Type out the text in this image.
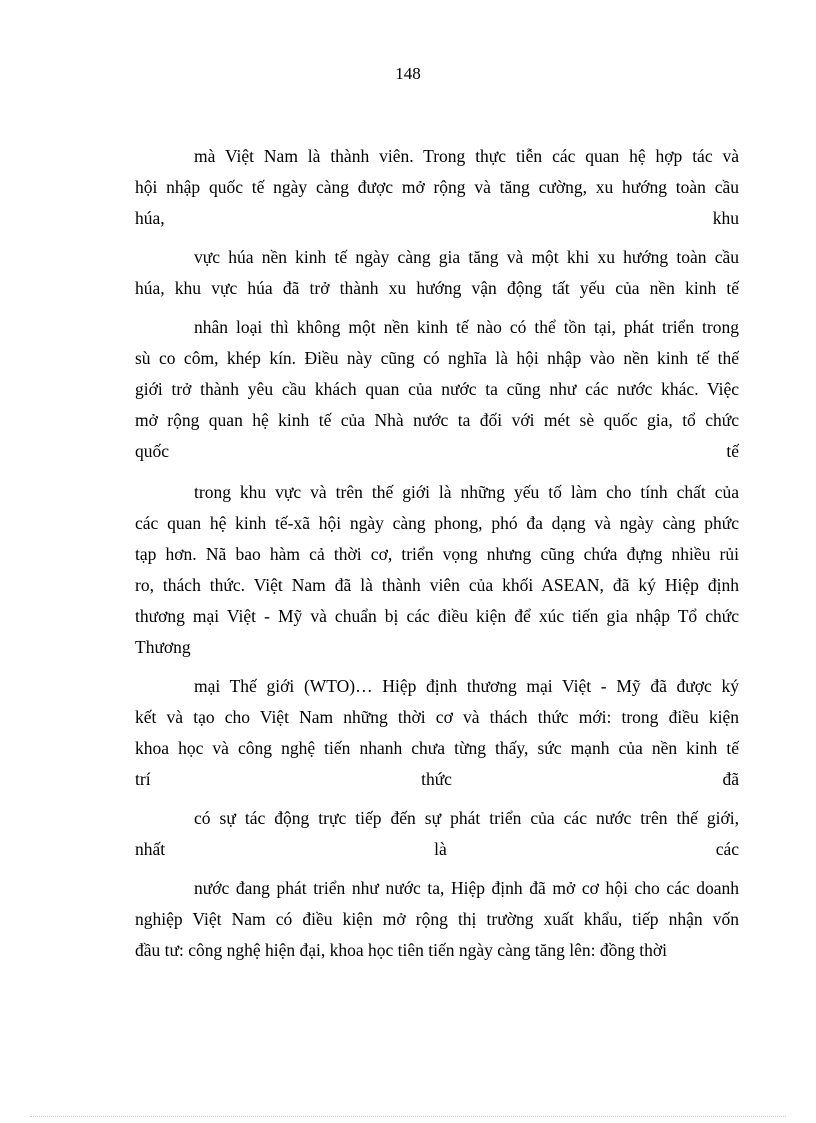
148
mà Việt Nam là thành viên. Trong thực tiễn các quan hệ hợp tác và
hội nhập quốc tế ngày càng được mở rộng và tăng cường, xu hướng toàn cầu
húa, khu
vực húa nền kinh tế ngày càng gia tăng và một khi xu hướng toàn cầu
húa, khu vực húa đã trở thành xu hướng vận động tất yếu của nền kinh tế
nhân loại thì không một nền kinh tế nào có thể tồn tại, phát triển trong
sù co côm, khép kín. Điều này cũng có nghĩa là hội nhập vào nền kinh tế thế
giới trở thành yêu cầu khách quan của nước ta cũng như các nước khác. Việc
mở rộng quan hệ kinh tế của Nhà nước ta đối với mét sè quốc gia, tổ chức
quốc tế
trong khu vực và trên thế giới là những yếu tố làm cho tính chất của
các quan hệ kinh tế-xã hội ngày càng phong, phó đa dạng và ngày càng phức
tạp hơn. Nã bao hàm cả thời cơ, triển vọng nhưng cũng chứa đựng nhiều rủi
ro, thách thức. Việt Nam đã là thành viên của khối ASEAN, đã ký Hiệp định
thương mại Việt - Mỹ và chuẩn bị các điều kiện để xúc tiến gia nhập Tổ chức
Thương
mại Thế giới (WTO)… Hiệp định thương mại Việt - Mỹ đã được ký
kết và tạo cho Việt Nam những thời cơ và thách thức mới: trong điều kiện
khoa học và công nghệ tiến nhanh chưa từng thấy, sức mạnh của nền kinh tế
trí thức đã
có sự tác động trực tiếp đến sự phát triển của các nước trên thế giới,
nhất là các
nước đang phát triển như nước ta, Hiệp định đã mở cơ hội cho các doanh
nghiệp Việt Nam có điều kiện mở rộng thị trường xuất khẩu, tiếp nhận vốn
đầu tư: công nghệ hiện đại, khoa học tiên tiến ngày càng tăng lên: đồng thời
